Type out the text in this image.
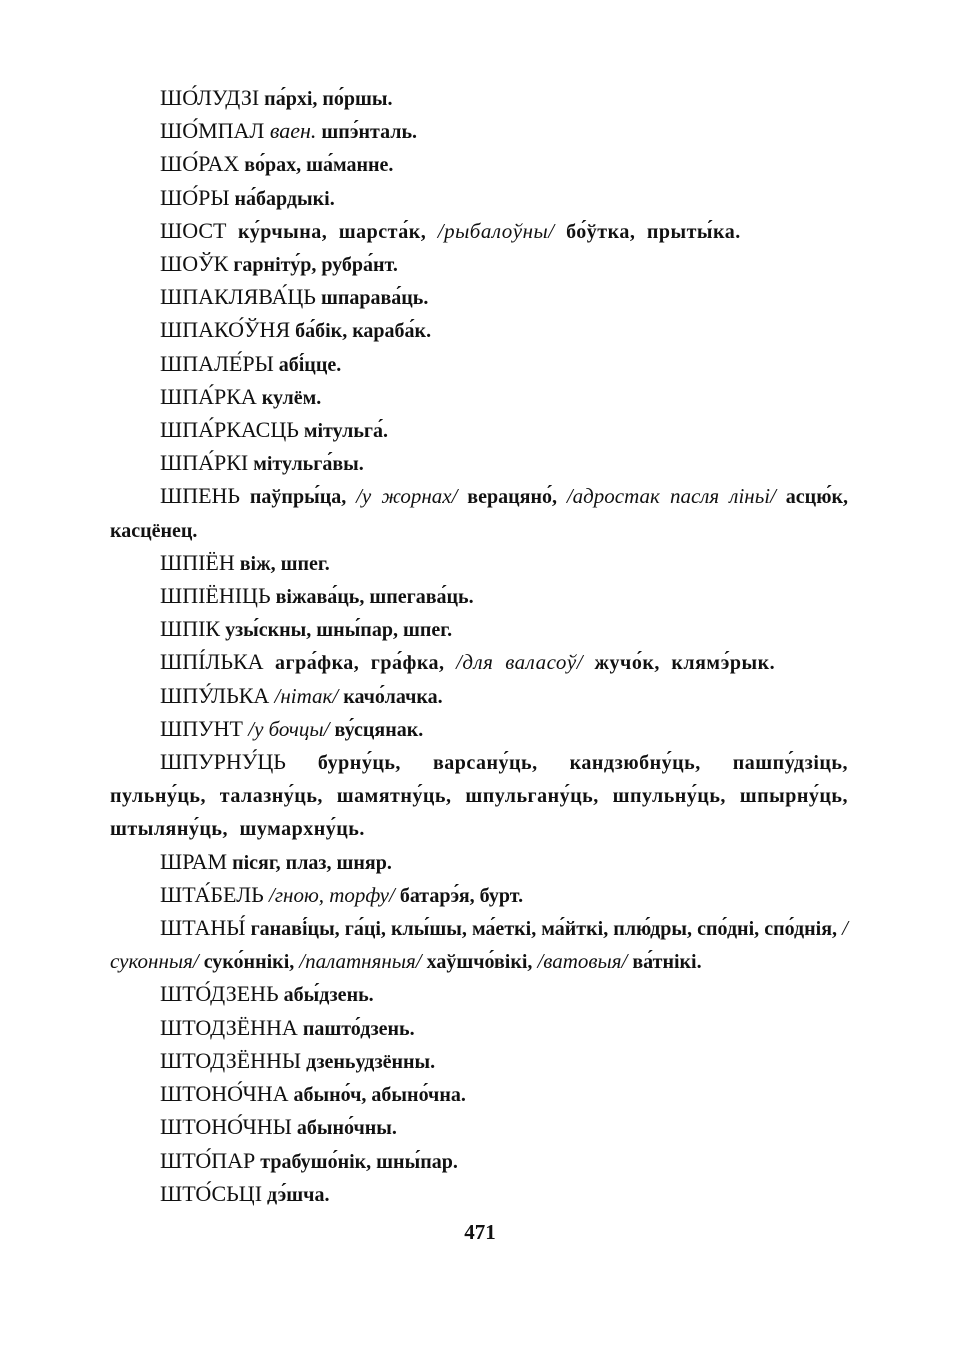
ШО́ЛУДЗІ па́рхі, по́ршы.

ШО́МПАЛ ваен. шпэ́нталь.

ШО́РАХ во́рах, ша́манне.

ШО́РЫ на́бардыкі.

ШОСТ ку́рчына, шарста́к, /рыбалоўны/ бо́ўтка, прыты́ка.

ШОЎК гарніту́р, рубра́нт.

ШПАКЛЯВА́ЦЬ шпарава́ць.

ШПАКО́ЎНЯ ба́бік, караба́к.

ШПАЛЕ́РЫ абі́цце.

ШПА́РКА кулём.

ШПА́РКАСЦЬ мітульга́.

ШПА́РКІ мітульга́вы.

ШПЕНЬ паўпры́ца, /у жорнах/ верацяно́, /адростак пасля ліньі/ асцю́к, касцёнец.

ШПІЁН віж, шпег.

ШПІЁНІЦЬ віжава́ць, шпегава́ць.

ШПІК узы́скны, шны́пар, шпег.

ШПІ́ЛЬКА агра́фка, гра́фка, /для валасоў/ жучо́к, клямэ́рык.

ШПУ́ЛЬКА /нітак/ качо́лачка.

ШПУНТ /у бочцы/ ву́сцянак.

ШПУРНУ́ЦЬ бурну́ць, варсану́ць, кандзюбну́ць, пашпу́дзіць, пульну́ць, талазну́ць, шамятну́ць, шпульгану́ць, шпульну́ць, шпырну́ць, штыляну́ць, шумархну́ць.

ШРАМ пісяг, плаз, шняр.

ШТА́БЕЛЬ /гною, торфу/ батарэ́я, бурт.

ШТАНЫ́ ганаві́цы, га́ці, клы́шы, ма́еткі, ма́йткі, плю́дры, спо́дні, спо́днія, /суконныя/ суко́ннікі, /палатняныя/ хаўшчо́вікі, /ватовыя/ ва́тнікі.

ШТО́ДЗЕНЬ абы́дзень.

ШТОДЗЁННА пашто́дзень.

ШТОДЗЁННЫ дзеньудзённы.

ШТОНО́ЧНА абыно́ч, абыно́чна.

ШТОНО́ЧНЫ абыно́чны.

ШТО́ПАР трабушо́нік, шны́пар.

ШТО́СЬЦІ дэ́шча.

471
